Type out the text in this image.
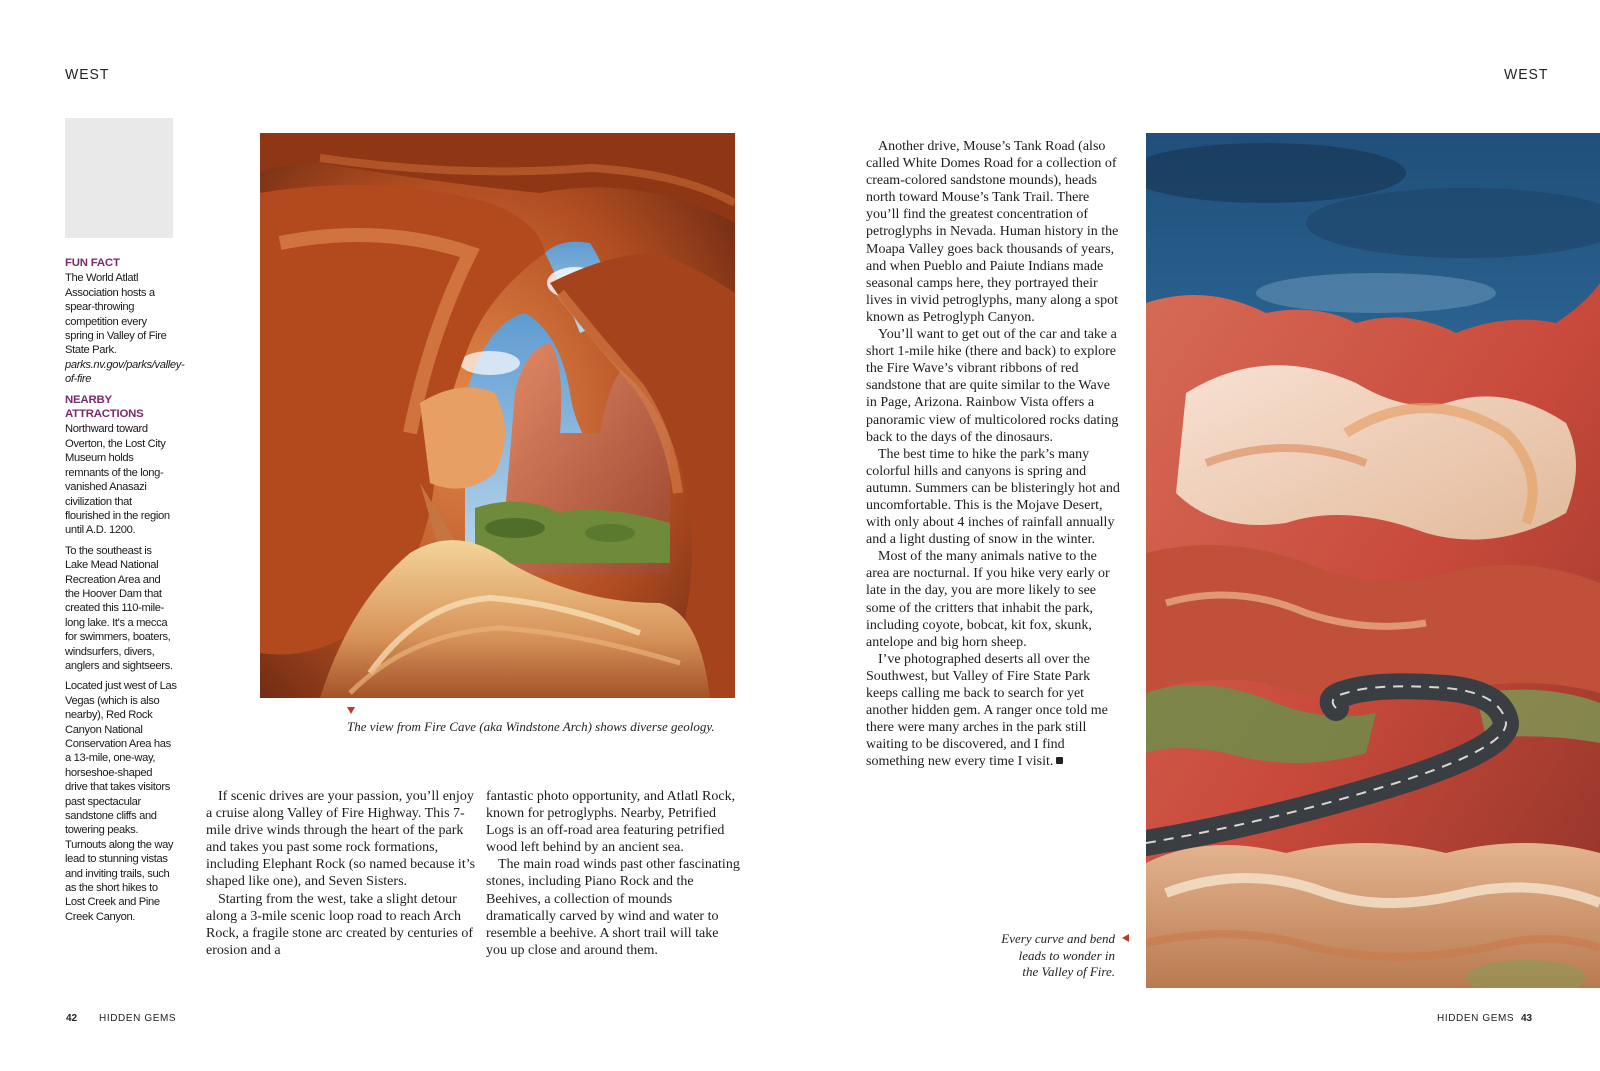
WEST	WEST
FUN FACT

The World Atlatl Association hosts a spear-throwing competition every spring in Valley of Fire State Park.
parks.nv.gov/parks/valley-of-fire

NEARBY ATTRACTIONS

Northward toward Overton, the Lost City Museum holds remnants of the long-vanished Anasazi civilization that flourished in the region until A.D. 1200.

To the southeast is Lake Mead National Recreation Area and the Hoover Dam that created this 110-mile-long lake. It's a mecca for swimmers, boaters, windsurfers, divers, anglers and sightseers.

Located just west of Las Vegas (which is also nearby), Red Rock Canyon National Conservation Area has a 13-mile, one-way, horseshoe-shaped drive that takes visitors past spectacular sandstone cliffs and towering peaks. Turnouts along the way lead to stunning vistas and inviting trails, such as the short hikes to Lost Creek and Pine Creek Canyon.

The view from Fire Cave (aka Windstone Arch) shows diverse geology.

If scenic drives are your passion, you’ll enjoy a cruise along Valley of Fire Highway. This 7-mile drive winds through the heart of the park and takes you past some rock formations, including Elephant Rock (so named because it’s shaped like one), and Seven Sisters.

Starting from the west, take a slight detour along a 3-mile scenic loop road to reach Arch Rock, a fragile stone arc created by centuries of erosion and a

fantastic photo opportunity, and Atlatl Rock, known for petroglyphs. Nearby, Petrified Logs is an off-road area featuring petrified wood left behind by an ancient sea.

The main road winds past other fascinating stones, including Piano Rock and the Beehives, a collection of mounds dramatically carved by wind and water to resemble a beehive. A short trail will take you up close and around them.

Another drive, Mouse’s Tank Road (also called White Domes Road for a collection of cream-colored sandstone mounds), heads north toward Mouse’s Tank Trail. There you’ll find the greatest concentration of petroglyphs in Nevada. Human history in the Moapa Valley goes back thousands of years, and when Pueblo and Paiute Indians made seasonal camps here, they portrayed their lives in vivid petroglyphs, many along a spot known as Petroglyph Canyon.

You’ll want to get out of the car and take a short 1-mile hike (there and back) to explore the Fire Wave’s vibrant ribbons of red sandstone that are quite similar to the Wave in Page, Arizona. Rainbow Vista offers a panoramic view of multicolored rocks dating back to the days of the dinosaurs.

The best time to hike the park’s many colorful hills and canyons is spring and autumn. Summers can be blisteringly hot and uncomfortable. This is the Mojave Desert, with only about 4 inches of rainfall annually and a light dusting of snow in the winter.

Most of the many animals native to the area are nocturnal. If you hike very early or late in the day, you are more likely to see some of the critters that inhabit the park, including coyote, bobcat, kit fox, skunk, antelope and big horn sheep.

I’ve photographed deserts all over the Southwest, but Valley of Fire State Park keeps calling me back to search for yet another hidden gem. A ranger once told me there were many arches in the park still waiting to be discovered, and I find something new every time I visit.

Every curve and bend leads to wonder in the Valley of Fire.
42 HIDDEN GEMS	HIDDEN GEMS 43
